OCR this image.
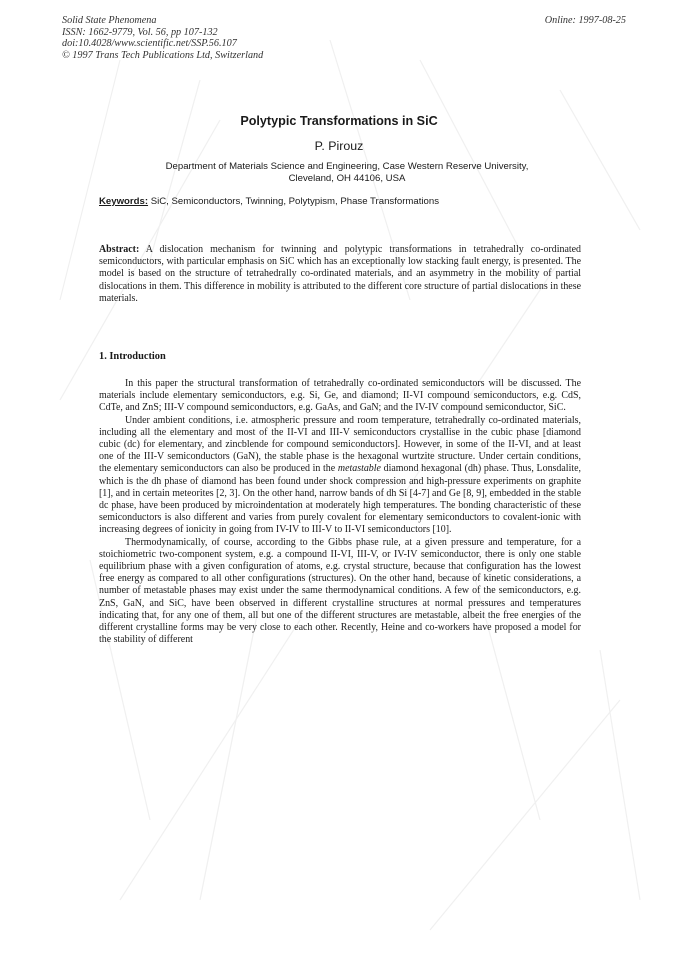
Solid State Phenomena
ISSN: 1662-9779, Vol. 56, pp 107-132
doi:10.4028/www.scientific.net/SSP.56.107
© 1997 Trans Tech Publications Ltd, Switzerland
Online: 1997-08-25
Polytypic Transformations in SiC
P. Pirouz
Department of Materials Science and Engineering, Case Western Reserve University,
Cleveland, OH 44106, USA
Keywords: SiC, Semiconductors, Twinning, Polytypism, Phase Transformations
Abstract: A dislocation mechanism for twinning and polytypic transformations in tetrahedrally co-ordinated semiconductors, with particular emphasis on SiC which has an exceptionally low stacking fault energy, is presented. The model is based on the structure of tetrahedrally co-ordinated materials, and an asymmetry in the mobility of partial dislocations in them. This difference in mobility is attributed to the different core structure of partial dislocations in these materials.
1. Introduction

In this paper the structural transformation of tetrahedrally co-ordinated semiconductors will be discussed. The materials include elementary semiconductors, e.g. Si, Ge, and diamond; II-VI compound semiconductors, e.g. CdS, CdTe, and ZnS; III-V compound semiconductors, e.g. GaAs, and GaN; and the IV-IV compound semiconductor, SiC.

Under ambient conditions, i.e. atmospheric pressure and room temperature, tetrahedrally co-ordinated materials, including all the elementary and most of the II-VI and III-V semiconductors crystallise in the cubic phase [diamond cubic (dc) for elementary, and zincblende for compound semiconductors]. However, in some of the II-VI, and at least one of the III-V semiconductors (GaN), the stable phase is the hexagonal wurtzite structure. Under certain conditions, the elementary semiconductors can also be produced in the metastable diamond hexagonal (dh) phase. Thus, Lonsdalite, which is the dh phase of diamond has been found under shock compression and high-pressure experiments on graphite [1], and in certain meteorites [2, 3]. On the other hand, narrow bands of dh Si [4-7] and Ge [8, 9], embedded in the stable dc phase, have been produced by microindentation at moderately high temperatures. The bonding characteristic of these semiconductors is also different and varies from purely covalent for elementary semiconductors to covalent-ionic with increasing degrees of ionicity in going from IV-IV to III-V to II-VI semiconductors [10].

Thermodynamically, of course, according to the Gibbs phase rule, at a given pressure and temperature, for a stoichiometric two-component system, e.g. a compound II-VI, III-V, or IV-IV semiconductor, there is only one stable equilibrium phase with a given configuration of atoms, e.g. crystal structure, because that configuration has the lowest free energy as compared to all other configurations (structures). On the other hand, because of kinetic considerations, a number of metastable phases may exist under the same thermodynamical conditions. A few of the semiconductors, e.g. ZnS, GaN, and SiC, have been observed in different crystalline structures at normal pressures and temperatures indicating that, for any one of them, all but one of the different structures are metastable, albeit the free energies of the different crystalline forms may be very close to each other. Recently, Heine and co-workers have proposed a model for the stability of different
